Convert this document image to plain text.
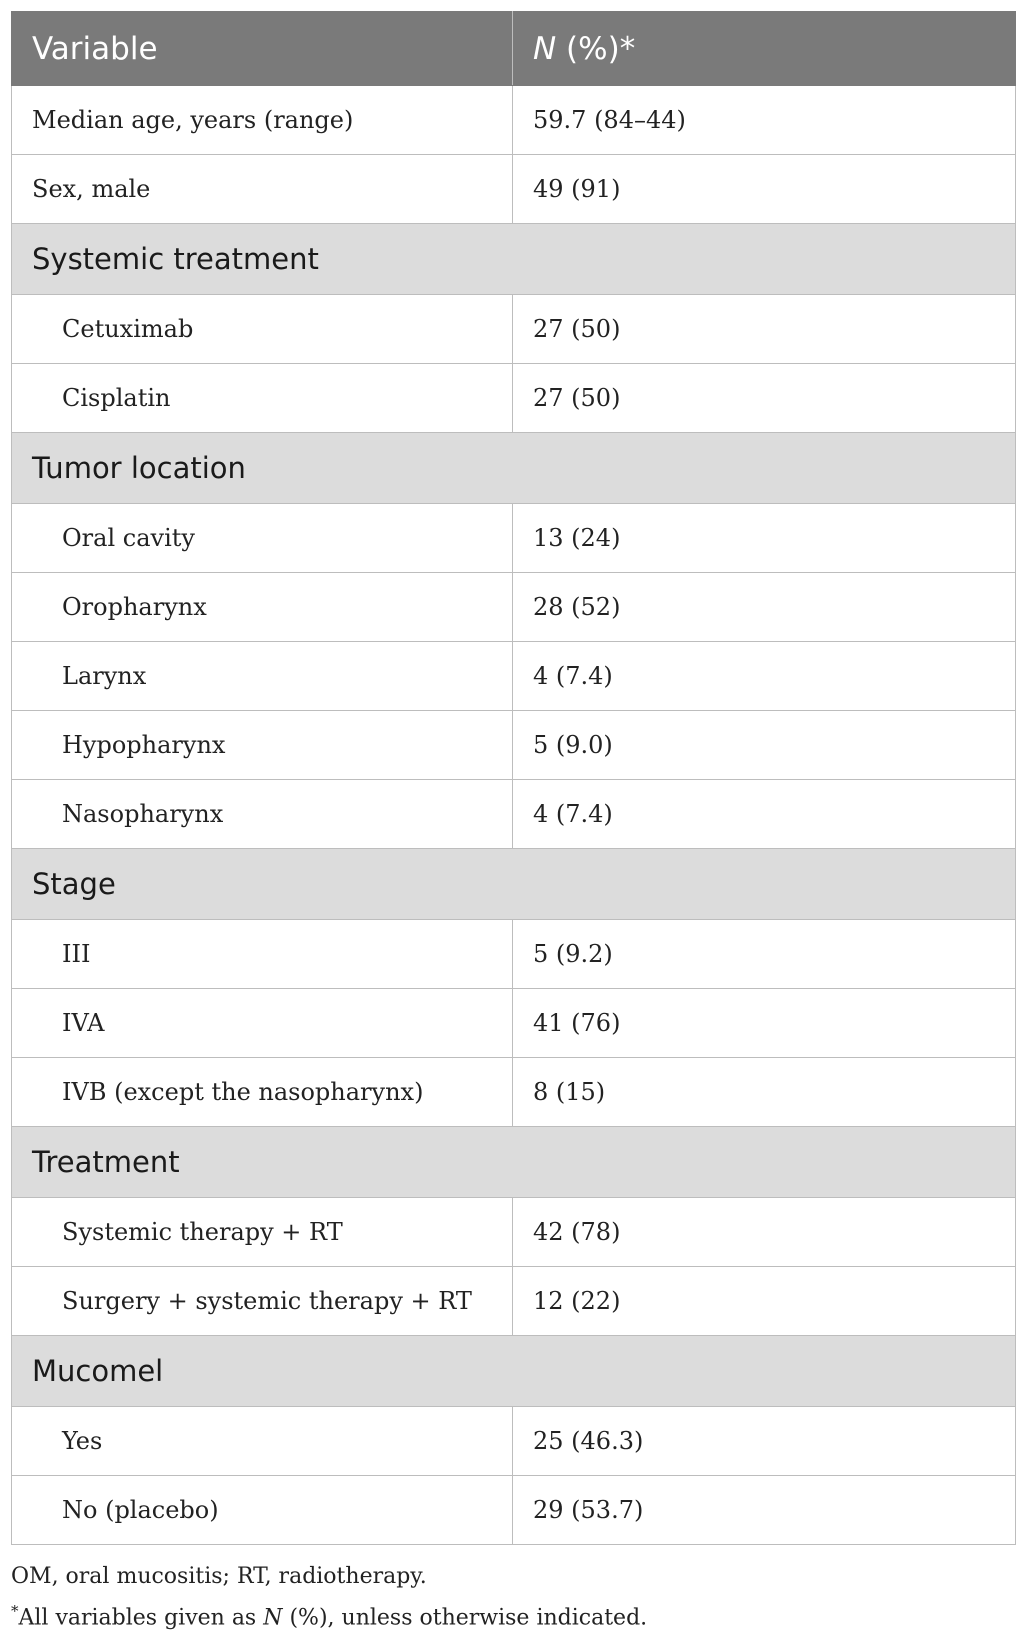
Variable	N (%)*
Median age, years (range)	59.7 (84–44)
Sex, male	49 (91)
Systemic treatment	
Cetuximab	27 (50)
Cisplatin	27 (50)
Tumor location	
Oral cavity	13 (24)
Oropharynx	28 (52)
Larynx	4 (7.4)
Hypopharynx	5 (9.0)
Nasopharynx	4 (7.4)
Stage	
III	5 (9.2)
IVA	41 (76)
IVB (except the nasopharynx)	8 (15)
Treatment	
Systemic therapy + RT	42 (78)
Surgery + systemic therapy + RT	12 (22)
Mucomel	
Yes	25 (46.3)
No (placebo)	29 (53.7)
OM, oral mucositis; RT, radiotherapy.
*All variables given as N (%), unless otherwise indicated.
